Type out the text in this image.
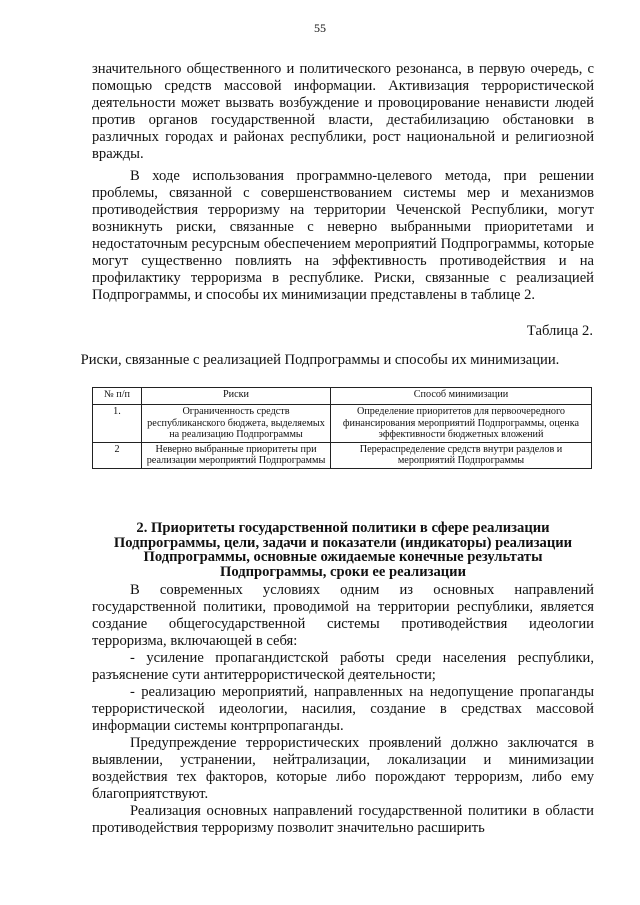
55

значительного общественного и политического резонанса, в первую очередь, с помощью средств массовой информации. Активизация террористической деятельности может вызвать возбуждение и провоцирование ненависти людей против органов государственной власти, дестабилизацию обстановки в различных городах и районах республики, рост национальной и религиозной вражды.

В ходе использования программно-целевого метода, при решении проблемы, связанной с совершенствованием системы мер и механизмов противодействия терроризму на территории Чеченской Республики, могут возникнуть риски, связанные с неверно выбранными приоритетами и недостаточным ресурсным обеспечением мероприятий Подпрограммы, которые могут существенно повлиять на эффективность противодействия и на профилактику терроризма в республике. Риски, связанные с реализацией Подпрограммы, и способы их минимизации представлены в таблице 2.

Таблица 2.
Риски, связанные с реализацией Подпрограммы и способы их минимизации.
№ п/п	Риски	Способ минимизации
1.	Ограниченность средств республиканского бюджета, выделяемых на реализацию Подпрограммы	Определение приоритетов для первоочередного финансирования мероприятий Подпрограммы, оценка эффективности бюджетных вложений
2	Неверно выбранные приоритеты при реализации мероприятий Подпрограммы	Перераспределение средств внутри разделов и мероприятий Подпрограммы
2. Приоритеты государственной политики в сфере реализации Подпрограммы, цели, задачи и показатели (индикаторы) реализации Подпрограммы, основные ожидаемые конечные результаты Подпрограммы, сроки ее реализации

В современных условиях одним из основных направлений государственной политики, проводимой на территории республики, является создание общегосударственной системы противодействия идеологии терроризма, включающей в себя:

- усиление пропагандистской работы среди населения республики, разъяснение сути антитеррористической деятельности;

- реализацию мероприятий, направленных на недопущение пропаганды террористической идеологии, насилия, создание в средствах массовой информации системы контрпропаганды.

Предупреждение террористических проявлений должно заключатся в выявлении, устранении, нейтрализации, локализации и минимизации воздействия тех факторов, которые либо порождают терроризм, либо ему благоприятствуют.

Реализация основных направлений государственной политики в области противодействия терроризму позволит значительно расширить
